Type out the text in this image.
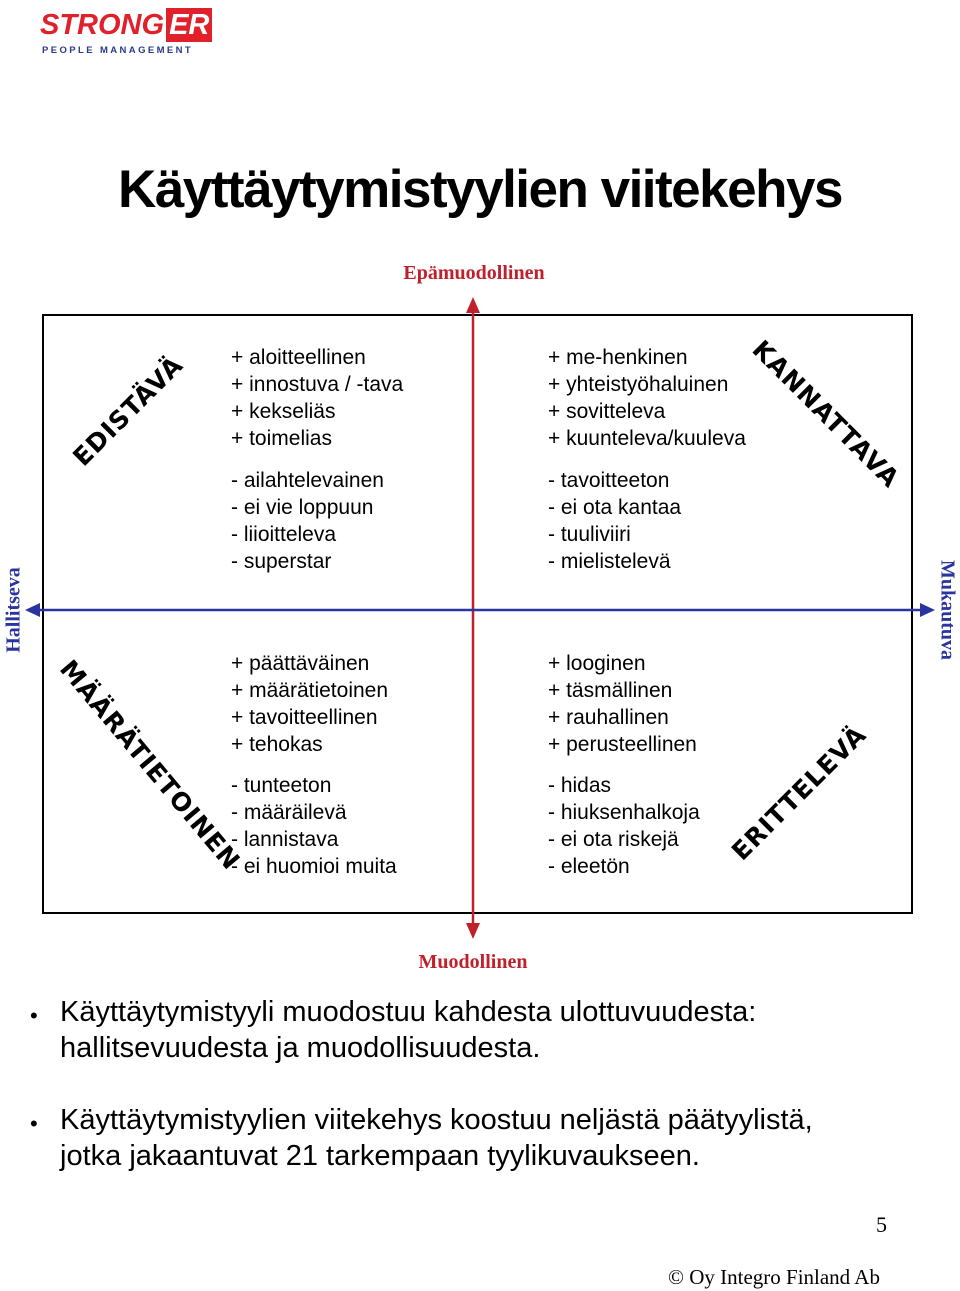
STRONG ER
PEOPLE MANAGEMENT
Käyttäytymistyylien viitekehys
Epämuodollinen
Muodollinen
Hallitseva	Mukautuva
EDISTÄVÄ	KANNATTAVA
MÄÄRÄTIETOINEN	ERITTELEVÄ
+ aloitteellinen
+ innostuva / -tava
+ kekseliäs
+ toimelias
- ailahtelevainen
- ei vie loppuun
- liioitteleva
- superstar
+ me-henkinen
+ yhteistyöhaluinen
+ sovitteleva
+ kuunteleva/kuuleva
- tavoitteeton
- ei ota kantaa
- tuuliviiri
- mielistelevä
+ päättäväinen
+ määrätietoinen
+ tavoitteellinen
+ tehokas
- tunteeton
- määräilevä
- lannistava
- ei huomioi muita
+ looginen
+ täsmällinen
+ rauhallinen
+ perusteellinen
- hidas
- hiuksenhalkoja
- ei ota riskejä
- eleetön
• Käyttäytymistyyli muodostuu kahdesta ulottuvuudesta:
hallitsevuudesta ja muodollisuudesta.
• Käyttäytymistyylien viitekehys koostuu neljästä päätyylistä,
jotka jakaantuvat 21 tarkempaan tyylikuvaukseen.
5
© Oy Integro Finland Ab
